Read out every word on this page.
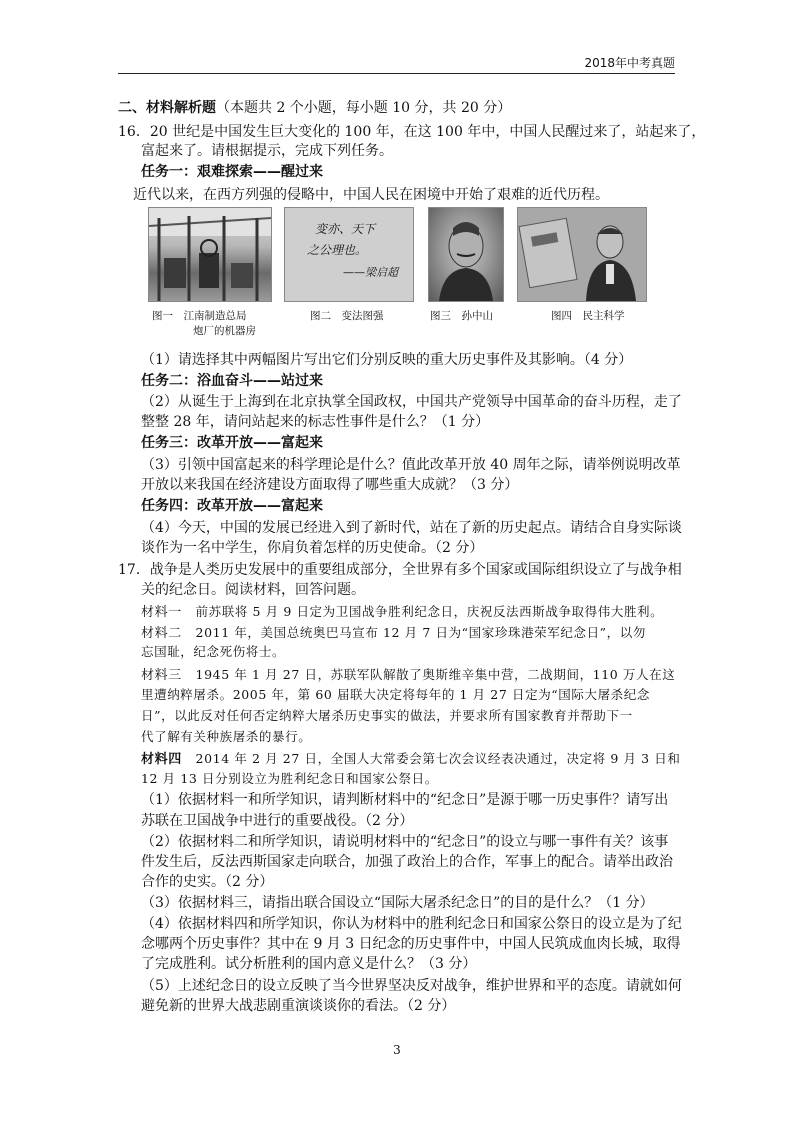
2018年中考真题
二、材料解析题（本题共 2 个小题，每小题 10 分，共 20 分）
16．20 世纪是中国发生巨大变化的 100 年，在这 100 年中，中国人民醒过来了，站起来了，
富起来了。请根据提示，完成下列任务。
任务一：艰难探索——醒过来
近代以来，在西方列强的侵略中，中国人民在困境中开始了艰难的近代历程。
变亦、天下
之公理也。
——梁启超
图一　江南制造总局
炮厂的机器房
图二　变法图强	图三　孙中山	图四　民主科学
（1）请选择其中两幅图片写出它们分别反映的重大历史事件及其影响。（4 分）
任务二：浴血奋斗——站过来
（2）从诞生于上海到在北京执掌全国政权，中国共产党领导中国革命的奋斗历程，走了
整整 28 年，请问站起来的标志性事件是什么？（1 分）
任务三：改革开放——富起来
（3）引领中国富起来的科学理论是什么？值此改革开放 40 周年之际，请举例说明改革
开放以来我国在经济建设方面取得了哪些重大成就？（3 分）
任务四：改革开放——富起来
（4）今天，中国的发展已经进入到了新时代，站在了新的历史起点。请结合自身实际谈
谈作为一名中学生，你肩负着怎样的历史使命。（2 分）
17．战争是人类历史发展中的重要组成部分，全世界有多个国家或国际组织设立了与战争相
关的纪念日。阅读材料，回答问题。
材料一 前苏联将 5 月 9 日定为卫国战争胜利纪念日，庆祝反法西斯战争取得伟大胜利。
材料二 2011 年，美国总统奥巴马宣布 12 月 7 日为“国家珍珠港荣军纪念日”，以勿
忘国耻，纪念死伤将士。
材料三 1945 年 1 月 27 日，苏联军队解散了奥斯维辛集中营，二战期间，110 万人在这
里遭纳粹屠杀。2005 年，第 60 届联大决定将每年的 1 月 27 日定为“国际大屠杀纪念
日”，以此反对任何否定纳粹大屠杀历史事实的做法，并要求所有国家教育并帮助下一
代了解有关种族屠杀的暴行。
材料四 2014 年 2 月 27 日，全国人大常委会第七次会议经表决通过，决定将 9 月 3 日和
12 月 13 日分别设立为胜利纪念日和国家公祭日。
（1）依据材料一和所学知识，请判断材料中的“纪念日”是源于哪一历史事件？请写出
苏联在卫国战争中进行的重要战役。（2 分）
（2）依据材料二和所学知识，请说明材料中的“纪念日”的设立与哪一事件有关？该事
件发生后，反法西斯国家走向联合，加强了政治上的合作，军事上的配合。请举出政治
合作的史实。（2 分）
（3）依据材料三，请指出联合国设立“国际大屠杀纪念日”的目的是什么？（1 分）
（4）依据材料四和所学知识，你认为材料中的胜利纪念日和国家公祭日的设立是为了纪
念哪两个历史事件？其中在 9 月 3 日纪念的历史事件中，中国人民筑成血肉长城，取得
了完成胜利。试分析胜利的国内意义是什么？（3 分）
（5）上述纪念日的设立反映了当今世界坚决反对战争，维护世界和平的态度。请就如何
避免新的世界大战悲剧重演谈谈你的看法。（2 分）
3
